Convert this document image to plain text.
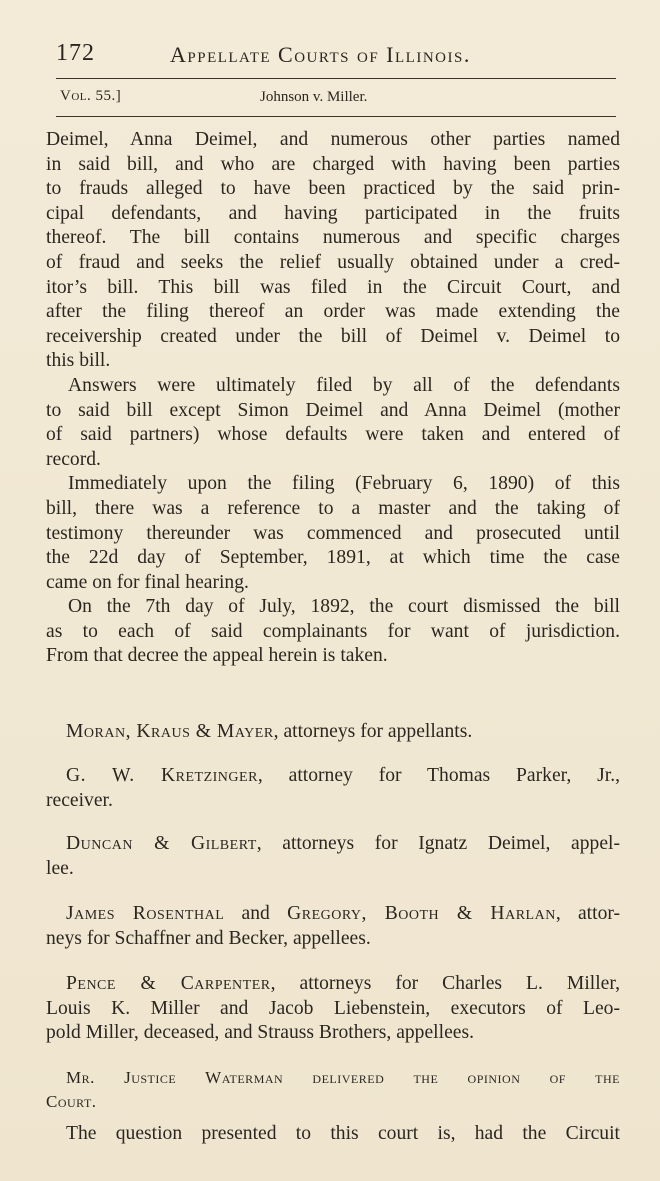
172	Appellate Courts of Illinois.
Vol. 55.]	Johnson v. Miller.
Deimel, Anna Deimel, and numerous other parties named
in said bill, and who are charged with having been parties
to frauds alleged to have been practiced by the said prin-
cipal defendants, and having participated in the fruits
thereof. The bill contains numerous and specific charges
of fraud and seeks the relief usually obtained under a cred-
itor’s bill. This bill was filed in the Circuit Court, and
after the filing thereof an order was made extending the
receivership created under the bill of Deimel v. Deimel to
this bill.
Answers were ultimately filed by all of the defendants
to said bill except Simon Deimel and Anna Deimel (mother
of said partners) whose defaults were taken and entered of
record.
Immediately upon the filing (February 6, 1890) of this
bill, there was a reference to a master and the taking of
testimony thereunder was commenced and prosecuted until
the 22d day of September, 1891, at which time the case
came on for final hearing.
On the 7th day of July, 1892, the court dismissed the bill
as to each of said complainants for want of jurisdiction.
From that decree the appeal herein is taken.
Moran, Kraus & Mayer, attorneys for appellants.
G. W. Kretzinger, attorney for Thomas Parker, Jr.,
receiver.
Duncan & Gilbert, attorneys for Ignatz Deimel, appel-
lee.
James Rosenthal and Gregory, Booth & Harlan, attor-
neys for Schaffner and Becker, appellees.
Pence & Carpenter, attorneys for Charles L. Miller,
Louis K. Miller and Jacob Liebenstein, executors of Leo-
pold Miller, deceased, and Strauss Brothers, appellees.
Mr. Justice Waterman delivered the opinion of the
Court.
The question presented to this court is, had the Circuit
